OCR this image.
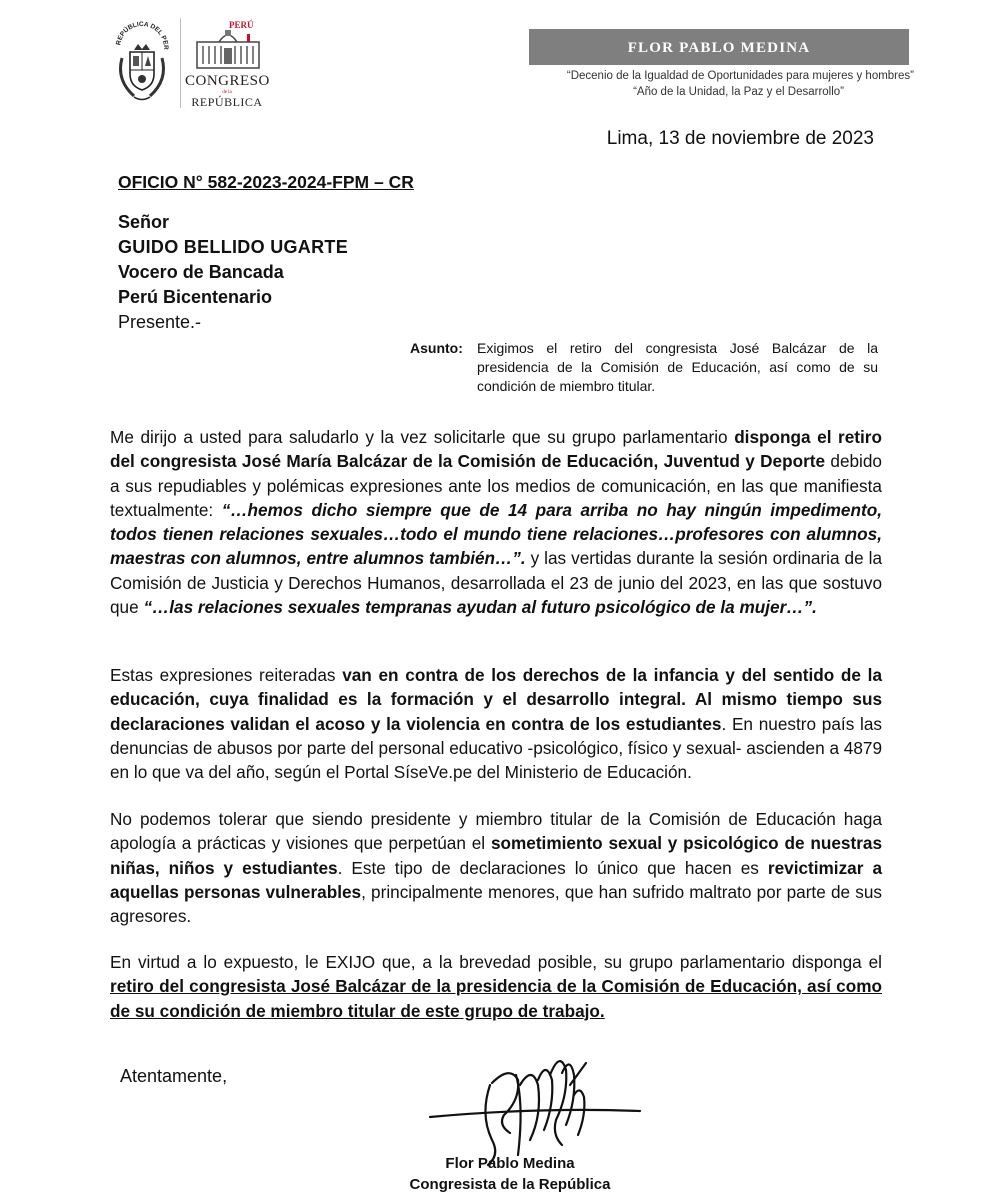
REPÚBLICA DEL PER
PERÚ
CONGRESO
de la
REPÚBLICA
FLOR PABLO MEDINA
“Decenio de la Igualdad de Oportunidades para mujeres y hombres”
“Año de la Unidad, la Paz y el Desarrollo”
Lima, 13 de noviembre de 2023
OFICIO N° 582-2023-2024-FPM – CR
Señor
GUIDO BELLIDO UGARTE
Vocero de Bancada
Perú Bicentenario
Presente.-
Asunto: Exigimos el retiro del congresista José Balcázar de la presidencia de la Comisión de Educación, así como de su condición de miembro titular.
Me dirijo a usted para saludarlo y la vez solicitarle que su grupo parlamentario disponga el retiro del congresista José María Balcázar de la Comisión de Educación, Juventud y Deporte debido a sus repudiables y polémicas expresiones ante los medios de comunicación, en las que manifiesta textualmente: “…hemos dicho siempre que de 14 para arriba no hay ningún impedimento, todos tienen relaciones sexuales…todo el mundo tiene relaciones…profesores con alumnos, maestras con alumnos, entre alumnos también…”. y las vertidas durante la sesión ordinaria de la Comisión de Justicia y Derechos Humanos, desarrollada el 23 de junio del 2023, en las que sostuvo que “…las relaciones sexuales tempranas ayudan al futuro psicológico de la mujer…”.
Estas expresiones reiteradas van en contra de los derechos de la infancia y del sentido de la educación, cuya finalidad es la formación y el desarrollo integral. Al mismo tiempo sus declaraciones validan el acoso y la violencia en contra de los estudiantes. En nuestro país las denuncias de abusos por parte del personal educativo -psicológico, físico y sexual- ascienden a 4879 en lo que va del año, según el Portal SíseVe.pe del Ministerio de Educación.
No podemos tolerar que siendo presidente y miembro titular de la Comisión de Educación haga apología a prácticas y visiones que perpetúan el sometimiento sexual y psicológico de nuestras niñas, niños y estudiantes. Este tipo de declaraciones lo único que hacen es revictimizar a aquellas personas vulnerables, principalmente menores, que han sufrido maltrato por parte de sus agresores.
En virtud a lo expuesto, le EXIJO que, a la brevedad posible, su grupo parlamentario disponga el retiro del congresista José Balcázar de la presidencia de la Comisión de Educación, así como de su condición de miembro titular de este grupo de trabajo.
Atentamente,
Flor Pablo Medina
Congresista de la República
